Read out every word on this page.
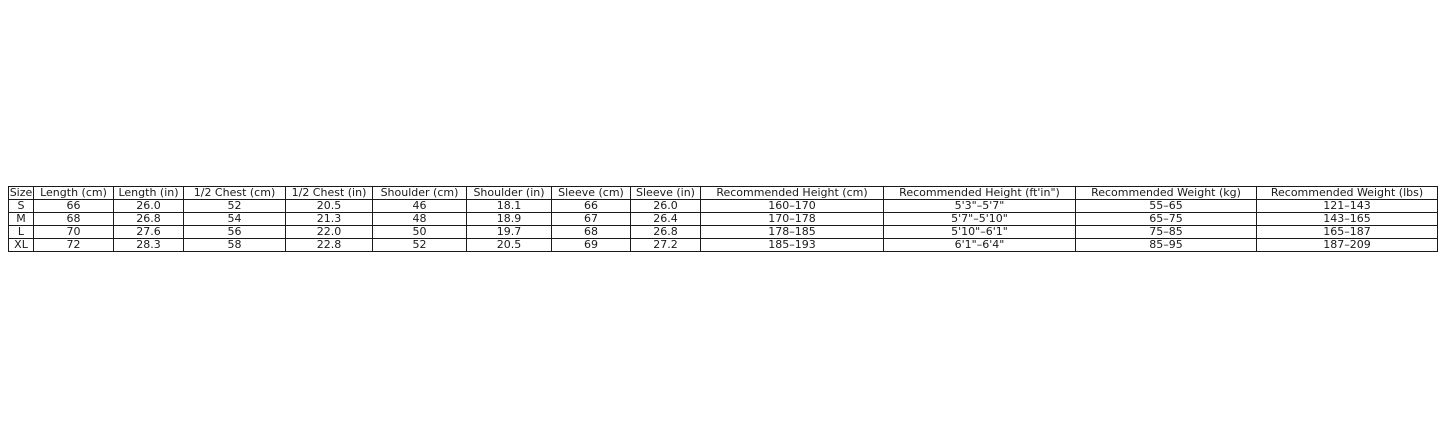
Size	Length (cm)	Length (in)	1/2 Chest (cm)	1/2 Chest (in)	Shoulder (cm)	Shoulder (in)	Sleeve (cm)	Sleeve (in)	Recommended Height (cm)	Recommended Height (ft'in")	Recommended Weight (kg)	Recommended Weight (lbs)
S	66	26.0	52	20.5	46	18.1	66	26.0	160–170	5'3"–5'7"	55–65	121–143
M	68	26.8	54	21.3	48	18.9	67	26.4	170–178	5'7"–5'10"	65–75	143–165
L	70	27.6	56	22.0	50	19.7	68	26.8	178–185	5'10"–6'1"	75–85	165–187
XL	72	28.3	58	22.8	52	20.5	69	27.2	185–193	6'1"–6'4"	85–95	187–209
